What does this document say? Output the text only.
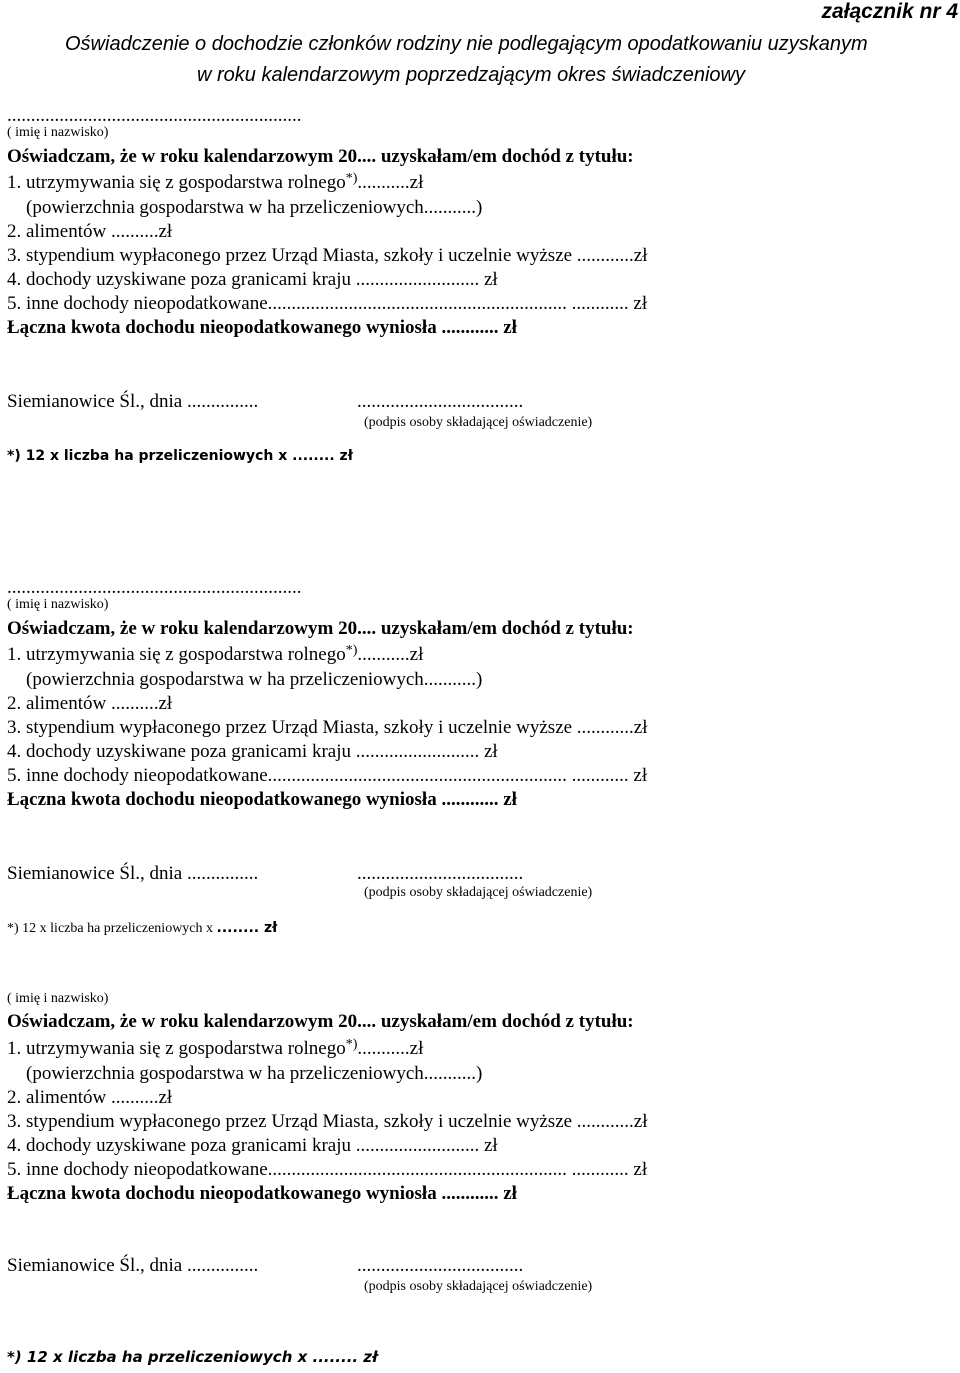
załącznik nr 4
Oświadczenie o dochodzie członków rodziny nie podlegającym opodatkowaniu uzyskanym
w roku kalendarzowym poprzedzającym okres świadczeniowy
..............................................................
( imię i nazwisko)
Oświadczam, że w roku kalendarzowym 20.... uzyskałam/em dochód z tytułu:
1. utrzymywania się z gospodarstwa rolnego*)...........zł
(powierzchnia gospodarstwa w ha przeliczeniowych...........)
2. alimentów ..........zł
3. stypendium wypłaconego przez Urząd Miasta, szkoły i uczelnie wyższe ............zł
4. dochody uzyskiwane poza granicami kraju .......................... zł
5. inne dochody nieopodatkowane............................................................... ............ zł
Łączna kwota dochodu nieopodatkowanego wyniosła ............ zł
Siemianowice Śl., dnia ...............	...................................
(podpis osoby składającej oświadczenie)
*) 12 x liczba ha przeliczeniowych x ........ zł
..............................................................
( imię i nazwisko)
Oświadczam, że w roku kalendarzowym 20.... uzyskałam/em dochód z tytułu:
1. utrzymywania się z gospodarstwa rolnego*)...........zł
(powierzchnia gospodarstwa w ha przeliczeniowych...........)
2. alimentów ..........zł
3. stypendium wypłaconego przez Urząd Miasta, szkoły i uczelnie wyższe ............zł
4. dochody uzyskiwane poza granicami kraju .......................... zł
5. inne dochody nieopodatkowane............................................................... ............ zł
Łączna kwota dochodu nieopodatkowanego wyniosła ............ zł
Siemianowice Śl., dnia ...............	...................................
(podpis osoby składającej oświadczenie)
*) 12 x liczba ha przeliczeniowych x ........ zł
( imię i nazwisko)
Oświadczam, że w roku kalendarzowym 20.... uzyskałam/em dochód z tytułu:
1. utrzymywania się z gospodarstwa rolnego*)...........zł
(powierzchnia gospodarstwa w ha przeliczeniowych...........)
2. alimentów ..........zł
3. stypendium wypłaconego przez Urząd Miasta, szkoły i uczelnie wyższe ............zł
4. dochody uzyskiwane poza granicami kraju .......................... zł
5. inne dochody nieopodatkowane............................................................... ............ zł
Łączna kwota dochodu nieopodatkowanego wyniosła ............ zł
Siemianowice Śl., dnia ...............	...................................
(podpis osoby składającej oświadczenie)
*) 12 x liczba ha przeliczeniowych x ........ zł
